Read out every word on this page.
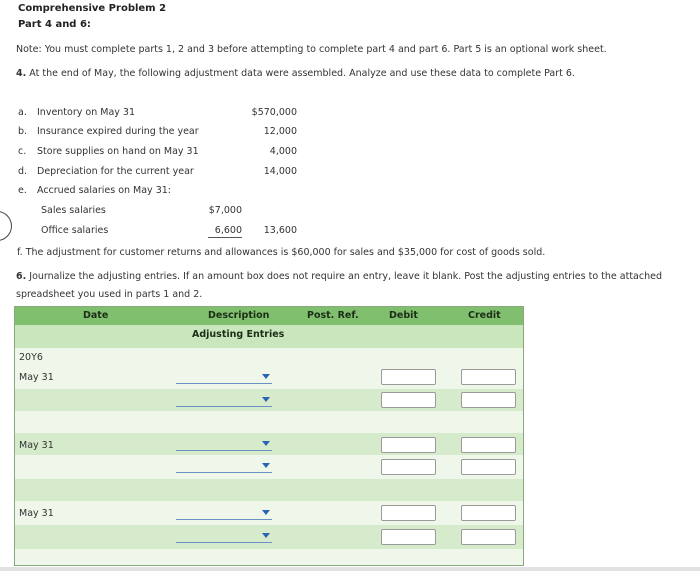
Comprehensive Problem 2
Part 4 and 6:
Note: You must complete parts 1, 2 and 3 before attempting to complete part 4 and part 6. Part 5 is an optional work sheet.
4. At the end of May, the following adjustment data were assembled. Analyze and use these data to complete Part 6.
a. Inventory on May 31	$570,000
b. Insurance expired during the year	12,000
c. Store supplies on hand on May 31	4,000
d. Depreciation for the current year	14,000
e. Accrued salaries on May 31:
Sales salaries	$7,000
Office salaries	6,600	13,600
f. The adjustment for customer returns and allowances is $60,000 for sales and $35,000 for cost of goods sold.
6. Journalize the adjusting entries. If an amount box does not require an entry, leave it blank. Post the adjusting entries to the attached
spreadsheet you used in parts 1 and 2.
Date	Description	Post. Ref.	Debit	Credit
Adjusting Entries
20Y6
May 31
May 31
May 31
